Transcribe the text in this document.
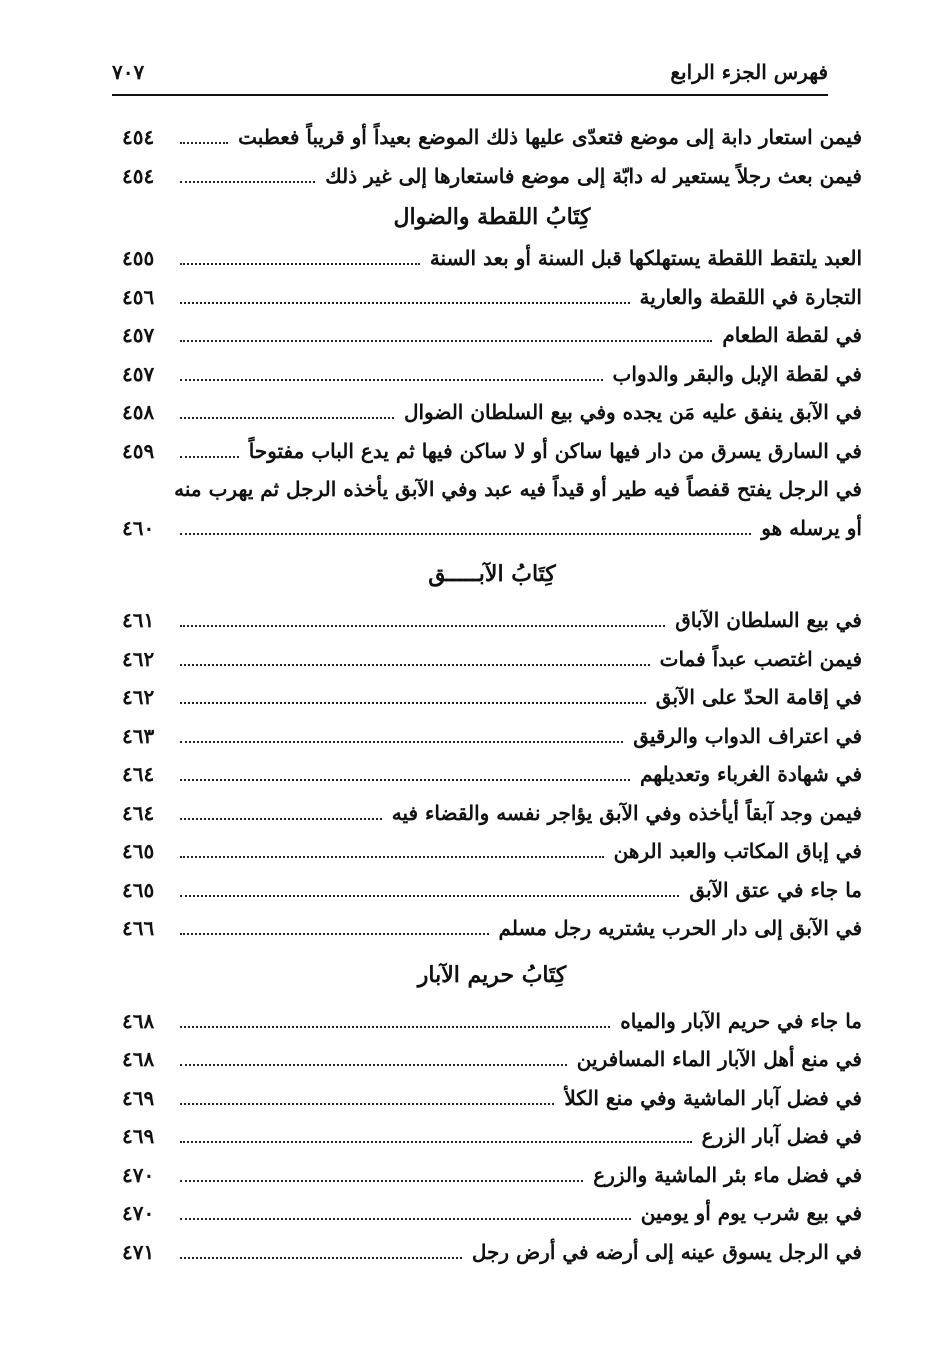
فهرس الجزء الرابع
٧٠٧
فيمن استعار دابة إلى موضع فتعدّى عليها ذلك الموضع بعيداً أو قريباً فعطبت
٤٥٤
فيمن بعث رجلاً يستعير له دابّة إلى موضع فاستعارها إلى غير ذلك
٤٥٤
كِتَابُ اللقطة والضوال
العبد يلتقط اللقطة يستهلكها قبل السنة أو بعد السنة
٤٥٥
التجارة في اللقطة والعارية
٤٥٦
في لقطة الطعام
٤٥٧
في لقطة الإبل والبقر والدواب
٤٥٧
في الآبق ينفق عليه مَن يجده وفي بيع السلطان الضوال
٤٥٨
في السارق يسرق من دار فيها ساكن أو لا ساكن فيها ثم يدع الباب مفتوحاً
٤٥٩
في الرجل يفتح قفصاً فيه طير أو قيداً فيه عبد وفي الآبق يأخذه الرجل ثم يهرب منه
أو يرسله هو
٤٦٠
كِتَابُ الآبـــــق
في بيع السلطان الآباق
٤٦١
فيمن اغتصب عبداً فمات
٤٦٢
في إقامة الحدّ على الآبق
٤٦٢
في اعتراف الدواب والرقيق
٤٦٣
في شهادة الغرباء وتعديلهم
٤٦٤
فيمن وجد آبقاً أيأخذه وفي الآبق يؤاجر نفسه والقضاء فيه
٤٦٤
في إباق المكاتب والعبد الرهن
٤٦٥
ما جاء في عتق الآبق
٤٦٥
في الآبق إلى دار الحرب يشتريه رجل مسلم
٤٦٦
كِتَابُ حريم الآبار
ما جاء في حريم الآبار والمياه
٤٦٨
في منع أهل الآبار الماء المسافرين
٤٦٨
في فضل آبار الماشية وفي منع الكلأ
٤٦٩
في فضل آبار الزرع
٤٦٩
في فضل ماء بئر الماشية والزرع
٤٧٠
في بيع شرب يوم أو يومين
٤٧٠
في الرجل يسوق عينه إلى أرضه في أرض رجل
٤٧١
